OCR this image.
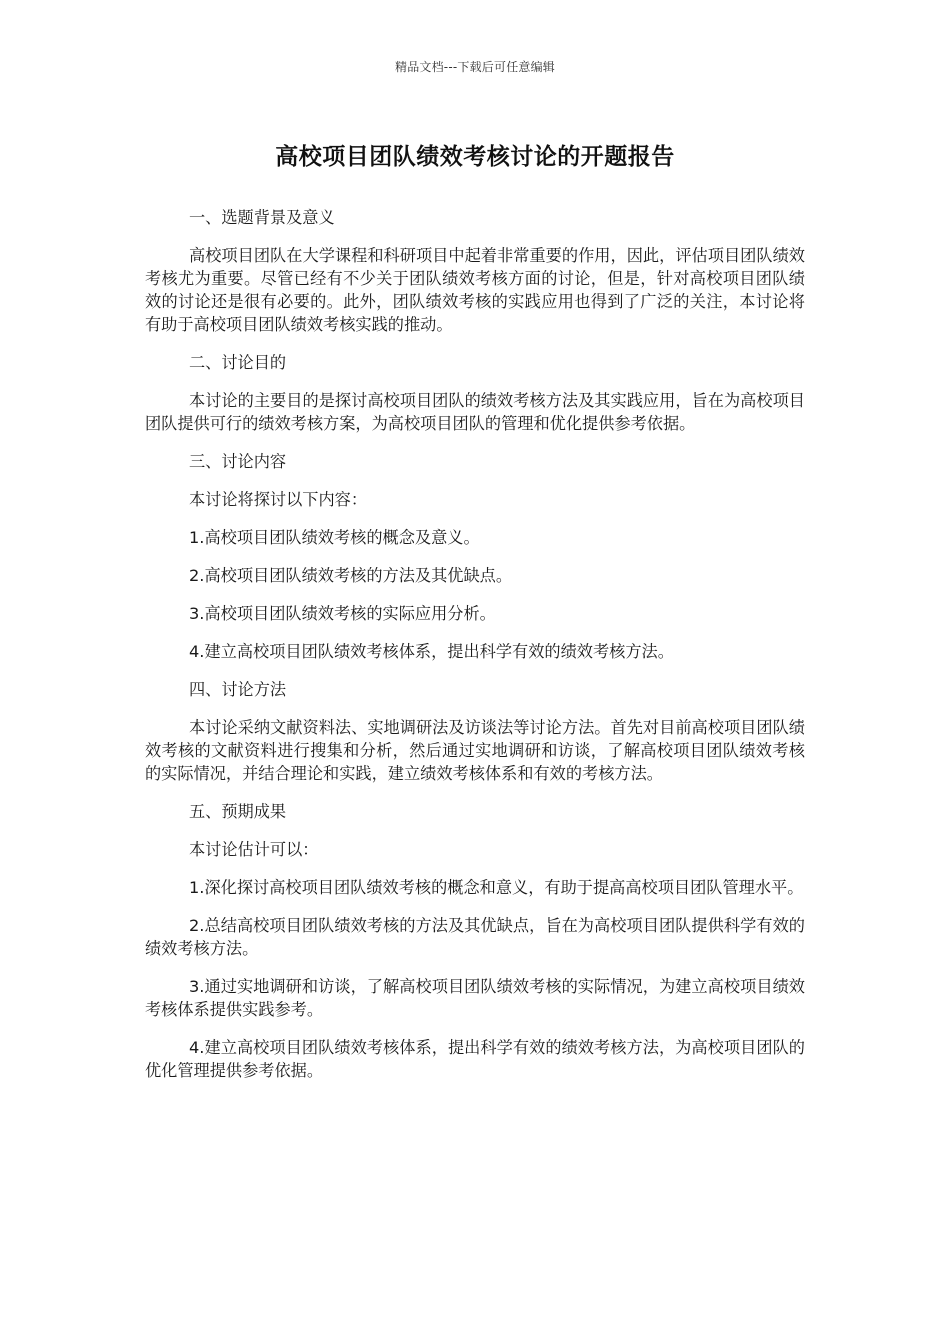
精品文档---下载后可任意编辑
高校项目团队绩效考核讨论的开题报告

一、选题背景及意义

高校项目团队在大学课程和科研项目中起着非常重要的作用，因此，评估项目团队绩效考核尤为重要。尽管已经有不少关于团队绩效考核方面的讨论，但是，针对高校项目团队绩效的讨论还是很有必要的。此外，团队绩效考核的实践应用也得到了广泛的关注，本讨论将有助于高校项目团队绩效考核实践的推动。

二、讨论目的

本讨论的主要目的是探讨高校项目团队的绩效考核方法及其实践应用，旨在为高校项目团队提供可行的绩效考核方案，为高校项目团队的管理和优化提供参考依据。

三、讨论内容

本讨论将探讨以下内容：

1.高校项目团队绩效考核的概念及意义。

2.高校项目团队绩效考核的方法及其优缺点。

3.高校项目团队绩效考核的实际应用分析。

4.建立高校项目团队绩效考核体系，提出科学有效的绩效考核方法。

四、讨论方法

本讨论采纳文献资料法、实地调研法及访谈法等讨论方法。首先对目前高校项目团队绩效考核的文献资料进行搜集和分析，然后通过实地调研和访谈，了解高校项目团队绩效考核的实际情况，并结合理论和实践，建立绩效考核体系和有效的考核方法。

五、预期成果

本讨论估计可以：

1.深化探讨高校项目团队绩效考核的概念和意义，有助于提高高校项目团队管理水平。

2.总结高校项目团队绩效考核的方法及其优缺点，旨在为高校项目团队提供科学有效的绩效考核方法。

3.通过实地调研和访谈，了解高校项目团队绩效考核的实际情况，为建立高校项目绩效考核体系提供实践参考。

4.建立高校项目团队绩效考核体系，提出科学有效的绩效考核方法，为高校项目团队的优化管理提供参考依据。
